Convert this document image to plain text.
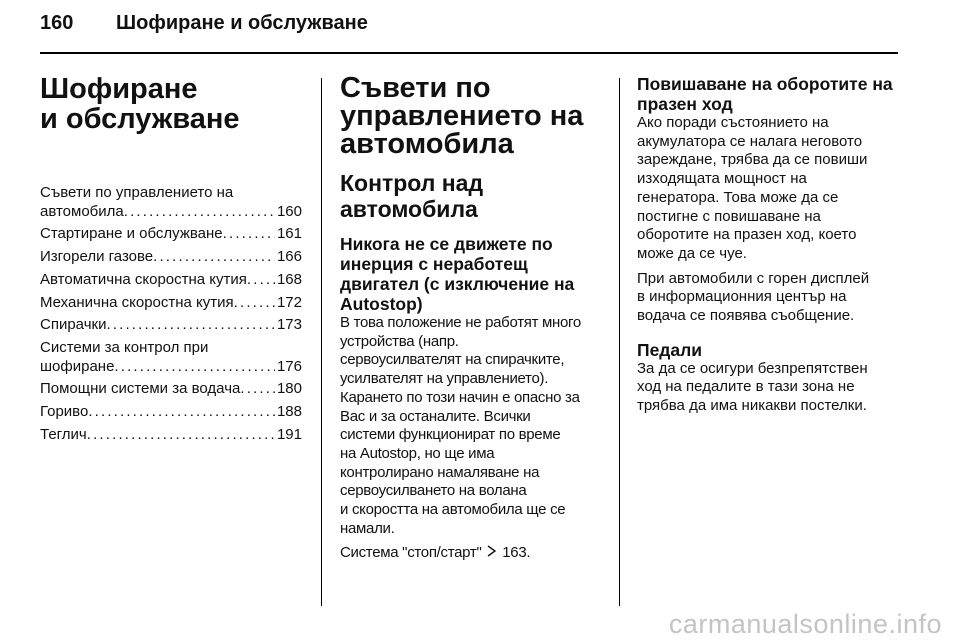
160 Шофиране и обслужване
Шофиране
и обслужване
Съвети по управлението на
автомобила . . .	160
Стартиране и обслужване . . .	161
Изгорели газове . . .	166
Автоматична скоростна кутия . . . 168
Механична скоростна кутия . . .	172
Спирачки . . .	173
Системи за контрол при
шофиране . . .	176
Помощни системи за водача . . . 180
Гориво . . .	188
Теглич . . .	191
Съвети по
управлението на
автомобила
Контрол над автомобила
Никога не се движете по
инерция с неработещ
двигател (с изключение на
Autostop)
В това положение не работят много
устройства (напр.
сервоусилвателят на спирачките,
усилвателят на управлението).
Карането по този начин е опасно за
Вас и за останалите. Всички
системи функционират по време
на Autostop, но ще има
контролирано намаляване на
сервоусилването на волана
и скоростта на автомобила ще се
намали.
Система "стоп/старт" 163.
Повишаване на оборотите на
празен ход
Ако поради състоянието на
акумулатора се налага неговото
зареждане, трябва да се повиши
изходящата мощност на
генератора. Това може да се
постигне с повишаване на
оборотите на празен ход, което
може да се чуе.
При автомобили с горен дисплей
в информационния център на
водача се появява съобщение.
Педали
За да се осигури безпрепятствен
ход на педалите в тази зона не
трябва да има никакви постелки.
carmanualsonline.info
